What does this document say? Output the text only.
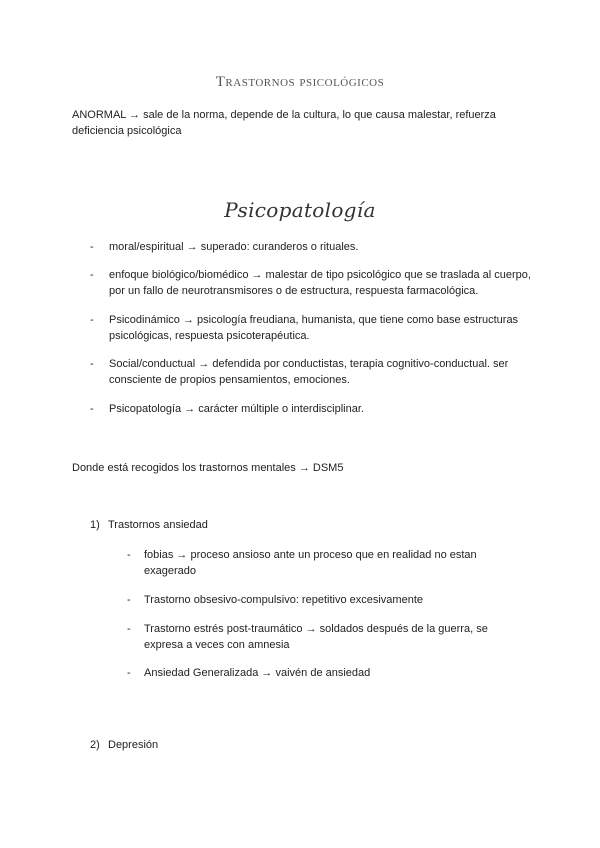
Trastornos psicológicos
ANORMAL → sale de la norma, depende de la cultura, lo que causa malestar, refuerza deficiencia psicológica
Psicopatología
- moral/espiritual → superado: curanderos o rituales.
- enfoque biológico/biomédico → malestar de tipo psicológico que se traslada al cuerpo, por un fallo de neurotransmisores o de estructura, respuesta farmacológica.
- Psicodinámico → psicología freudiana, humanista, que tiene como base estructuras psicológicas, respuesta psicoterapéutica.
- Social/conductual → defendida por conductistas, terapia cognitivo-conductual. ser consciente de propios pensamientos, emociones.
- Psicopatología → carácter múltiple o interdisciplinar.
Donde está recogidos los trastornos mentales → DSM5
1) Trastornos ansiedad
- fobias → proceso ansioso ante un proceso que en realidad no estan exagerado
- Trastorno obsesivo-compulsivo: repetitivo excesivamente
- Trastorno estrés post-traumático → soldados después de la guerra, se expresa a veces con amnesia
- Ansiedad Generalizada → vaivén de ansiedad
2) Depresión
